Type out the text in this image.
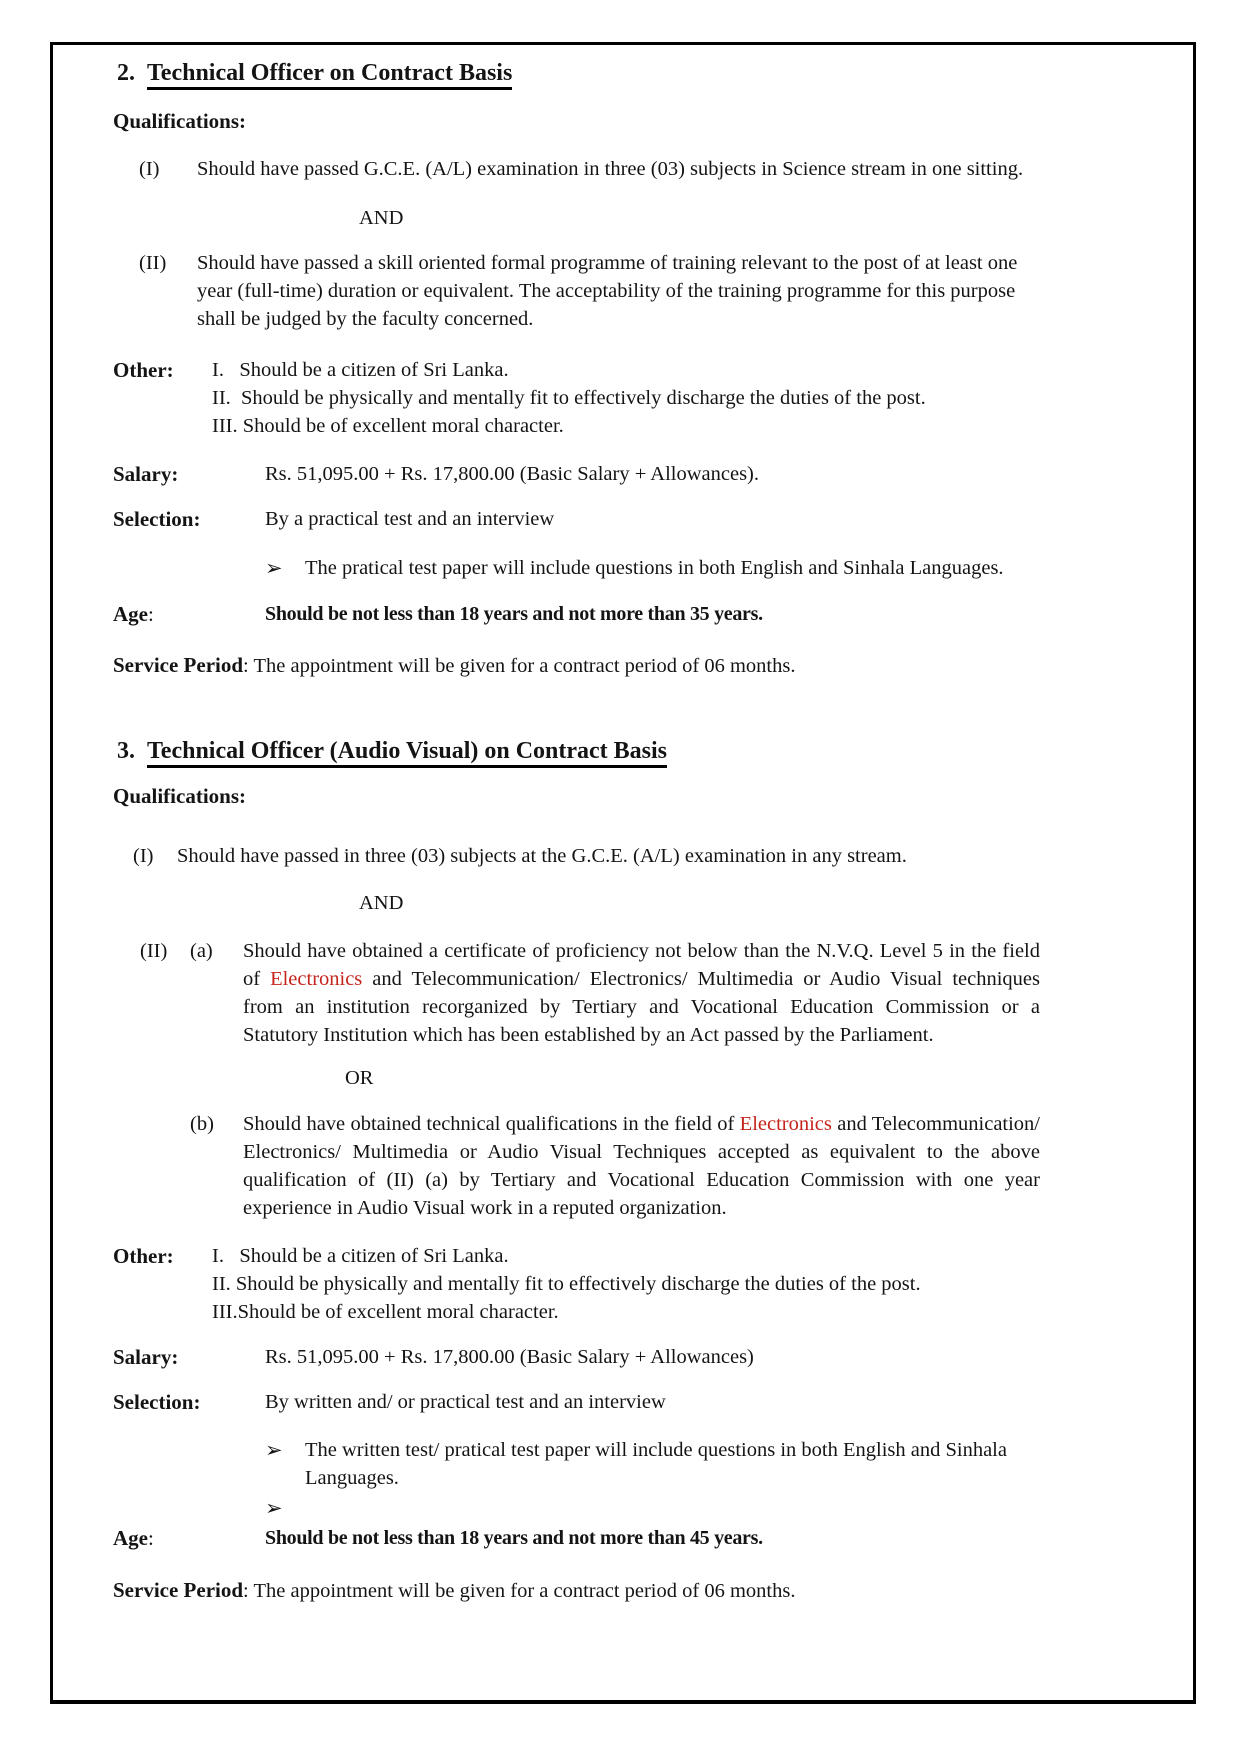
2. Technical Officer on Contract Basis
Qualifications:
(I)	Should have passed G.C.E. (A/L) examination in three (03) subjects in Science stream in one sitting.
AND
(II)	Should have passed a skill oriented formal programme of training relevant to the post of at least one year (full-time) duration or equivalent. The acceptability of the training programme for this purpose shall be judged by the faculty concerned.
Other:	I.   Should be a citizen of Sri Lanka.
II.  Should be physically and mentally fit to effectively discharge the duties of the post.
III. Should be of excellent moral character.
Salary:	Rs. 51,095.00 + Rs. 17,800.00 (Basic Salary + Allowances).
Selection:	By a practical test and an interview
➢	The pratical test paper will include questions in both English and Sinhala Languages.
Age:	Should be not less than 18 years and not more than 35 years.
Service Period: The appointment will be given for a contract period of 06 months.
3. Technical Officer (Audio Visual) on Contract Basis
Qualifications:
(I)	Should have passed in three (03) subjects at the G.C.E. (A/L) examination in any stream.
AND
(II)	(a)	Should have obtained a certificate of proficiency not below than the N.V.Q. Level 5 in the field  of Electronics and Telecommunication/ Electronics/ Multimedia or Audio Visual techniques from an institution recorganized by Tertiary and Vocational Education Commission or a Statutory Institution which has been established by an Act passed by the Parliament.
OR
(b)	Should have obtained technical qualifications in the field of Electronics and Telecommunication/ Electronics/ Multimedia or Audio Visual Techniques accepted as equivalent to the above qualification of (II) (a) by Tertiary and Vocational Education Commission with one year experience in Audio Visual work in a reputed organization.
Other:	I.   Should be a citizen of Sri Lanka.
II. Should be physically and mentally fit to effectively discharge the duties of the post.
III.Should be of excellent moral character.
Salary:	Rs. 51,095.00 + Rs. 17,800.00 (Basic Salary + Allowances)
Selection:	By written and/ or practical test and an interview
➢	The written test/ pratical test paper will include questions in both English and Sinhala Languages.
➢
Age:	Should be not less than 18 years and not more than 45 years.
Service Period: The appointment will be given for a contract period of 06 months.
